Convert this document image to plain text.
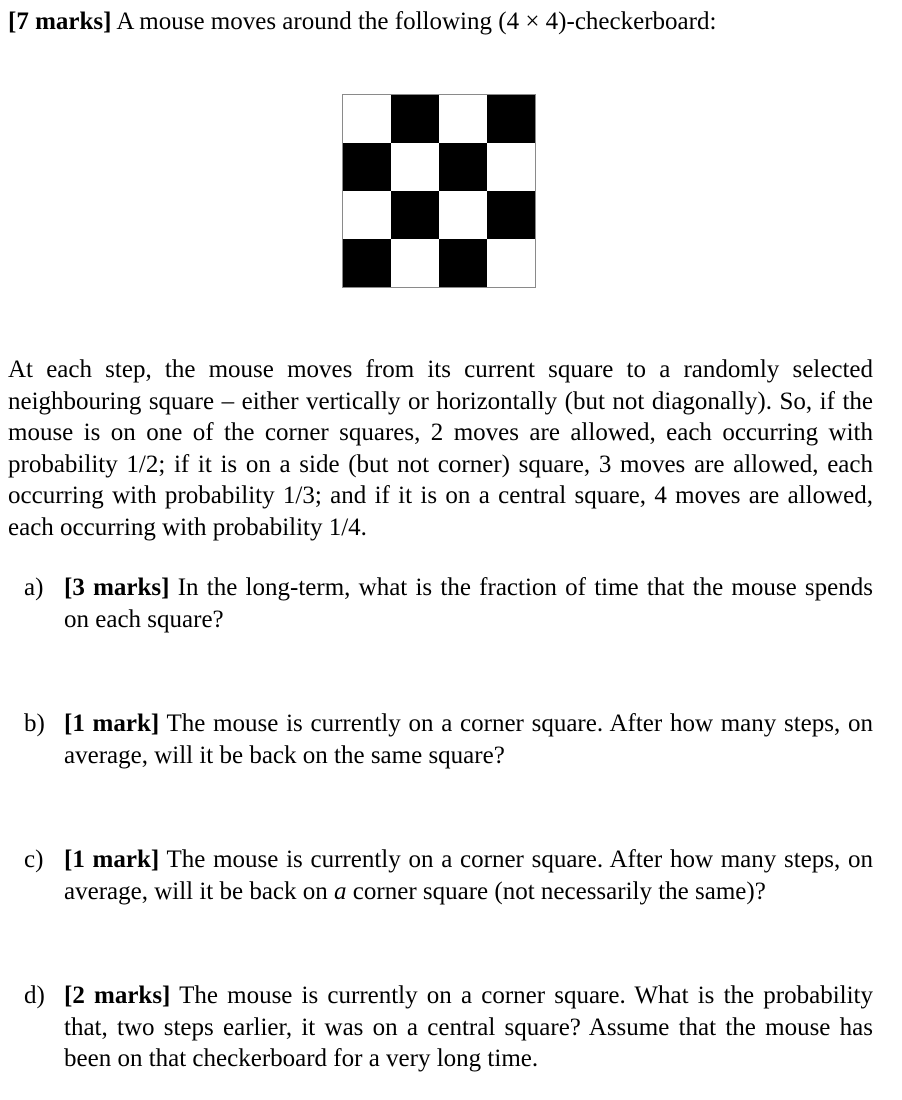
[7 marks] A mouse moves around the following (4 × 4)-checkerboard:
At each step, the mouse moves from its current square to a randomly selected neighbouring square – either vertically or horizontally (but not diagonally). So, if the mouse is on one of the corner squares, 2 moves are allowed, each occurring with probability 1/2; if it is on a side (but not corner) square, 3 moves are allowed, each occurring with probability 1/3; and if it is on a central square, 4 moves are allowed, each occurring with probability 1/4.
a) [3 marks] In the long-term, what is the fraction of time that the mouse spends on each square?
b) [1 mark] The mouse is currently on a corner square. After how many steps, on average, will it be back on the same square?
c) [1 mark] The mouse is currently on a corner square. After how many steps, on average, will it be back on a corner square (not necessarily the same)?
d) [2 marks] The mouse is currently on a corner square. What is the probability that, two steps earlier, it was on a central square? Assume that the mouse has been on that checkerboard for a very long time.
